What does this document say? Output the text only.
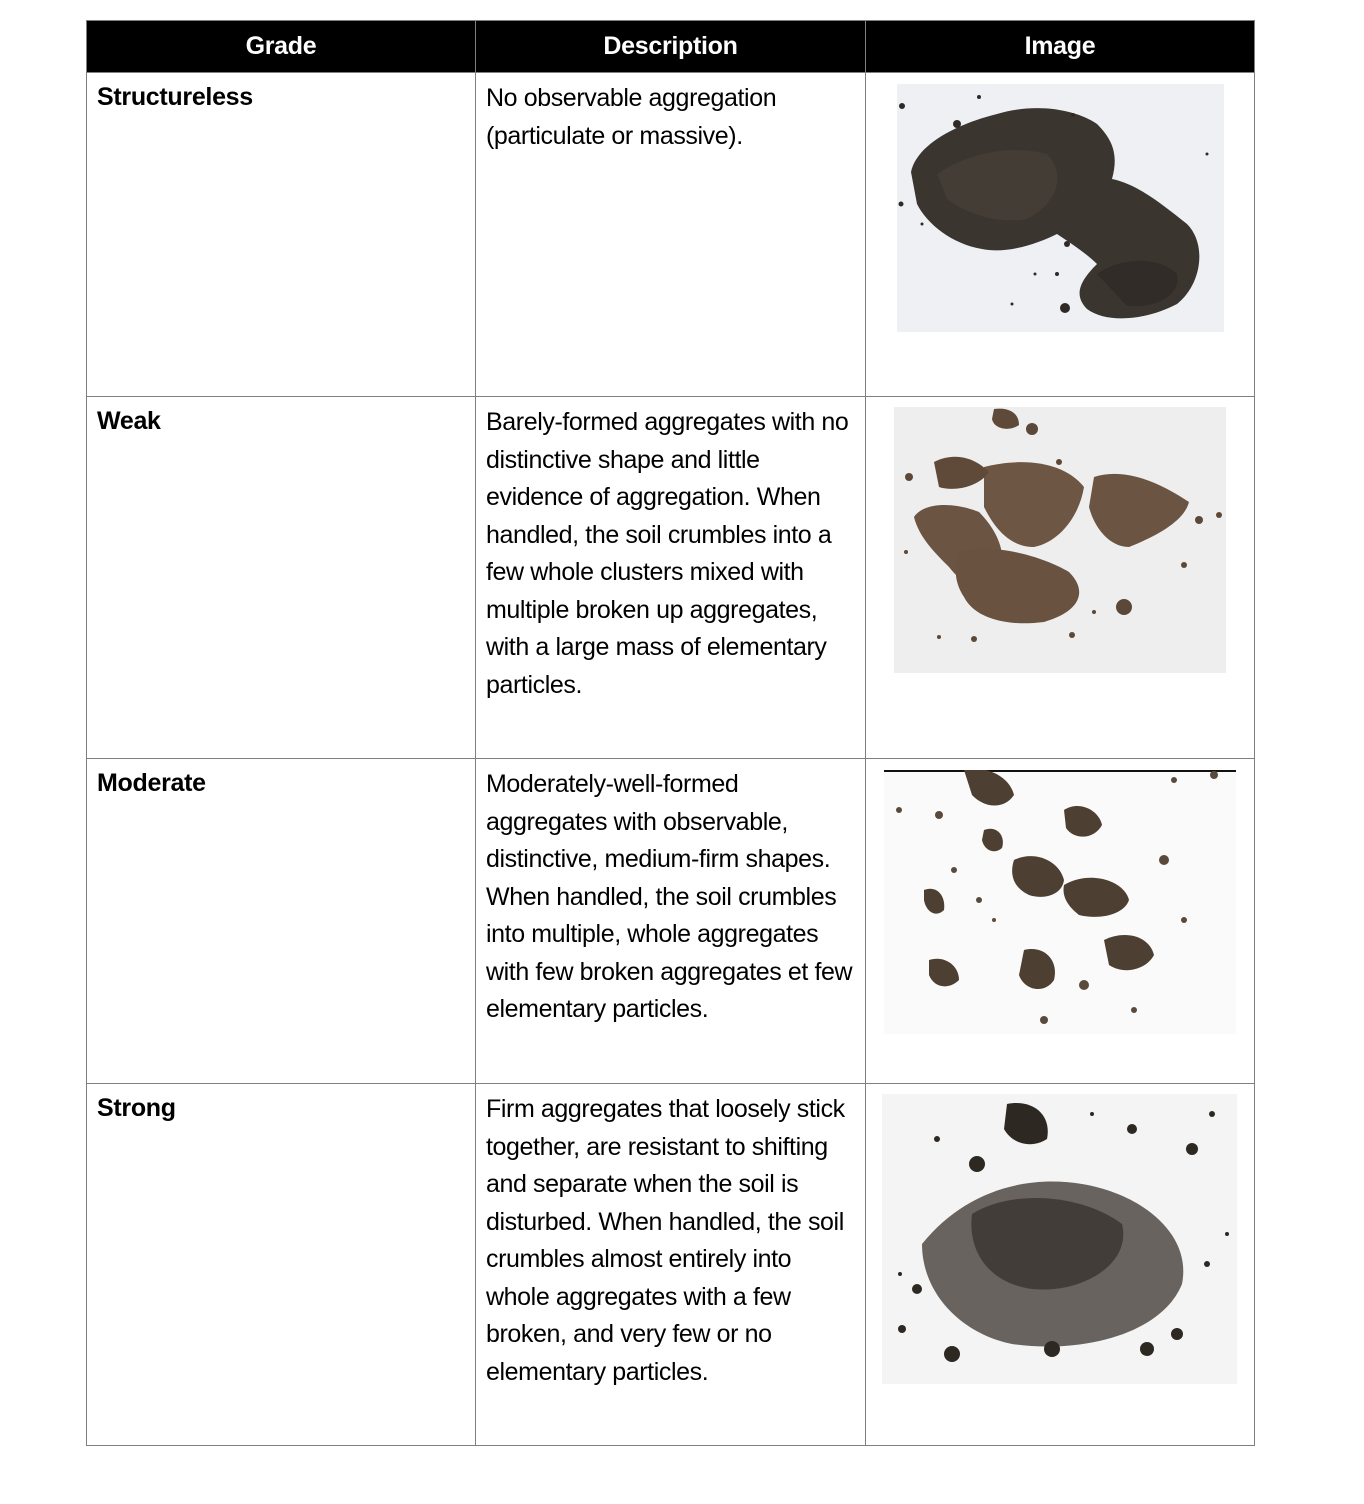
Grade	Description	Image
Structureless	No observable aggregation (particulate or massive).	

Weak	Barely-formed aggregates with no distinctive shape and little evidence of aggregation. When handled, the soil crumbles into a few whole clusters mixed with multiple broken up aggregates, with a large mass of elementary particles.	

Moderate	Moderately-well-formed aggregates with observable, distinctive, medium-firm shapes. When handled, the soil crumbles into multiple, whole aggregates with few broken aggregates et few elementary particles.	

Strong	Firm aggregates that loosely stick together, are resistant to shifting and separate when the soil is disturbed. When handled, the soil crumbles almost entirely into whole aggregates with a few broken, and very few or no elementary particles.	
